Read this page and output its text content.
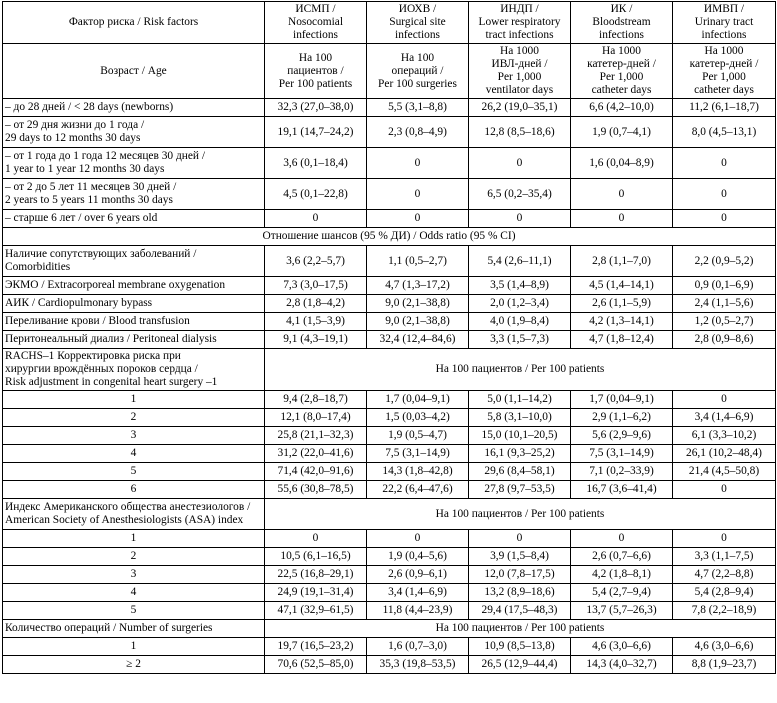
Фактор риска / Risk factors	ИСМП /
Nosocomial
infections	ИОХВ /
Surgical site
infections	ИНДП /
Lower respiratory
tract infections	ИК /
Bloodstream
infections	ИМВП /
Urinary tract
infections
Возраст / Age	На 100
пациентов /
Per 100 patients	На 100
операций /
Per 100 surgeries	На 1000
ИВЛ-дней /
Per 1,000
ventilator days	На 1000
катетер-дней /
Per 1,000
catheter days	На 1000
катетер-дней /
Per 1,000
catheter days
– до 28 дней / < 28 days (newborns)	32,3 (27,0–38,0)	5,5 (3,1–8,8)	26,2 (19,0–35,1)	6,6 (4,2–10,0)	11,2 (6,1–18,7)
– от 29 дня жизни до 1 года /
29 days to 12 months 30 days	19,1 (14,7–24,2)	2,3 (0,8–4,9)	12,8 (8,5–18,6)	1,9 (0,7–4,1)	8,0 (4,5–13,1)
– от 1 года до 1 года 12 месяцев 30 дней /
1 year to 1 year 12 months 30 days	3,6 (0,1–18,4)	0	0	1,6 (0,04–8,9)	0
– от 2 до 5 лет 11 месяцев 30 дней /
2 years to 5 years 11 months 30 days	4,5 (0,1–22,8)	0	6,5 (0,2–35,4)	0	0
– старше 6 лет / over 6 years old	0	0	0	0	0
Отношение шансов (95 % ДИ) / Odds ratio (95 % CI)					
Наличие сопутствующих заболеваний /
Comorbidities	3,6 (2,2–5,7)	1,1 (0,5–2,7)	5,4 (2,6–11,1)	2,8 (1,1–7,0)	2,2 (0,9–5,2)
ЭКМО / Extracorporeal membrane oxygenation	7,3 (3,0–17,5)	4,7 (1,3–17,2)	3,5 (1,4–8,9)	4,5 (1,4–14,1)	0,9 (0,1–6,9)
АИК / Cardiopulmonary bypass	2,8 (1,8–4,2)	9,0 (2,1–38,8)	2,0 (1,2–3,4)	2,6 (1,1–5,9)	2,4 (1,1–5,6)
Переливание крови / Blood transfusion	4,1 (1,5–3,9)	9,0 (2,1–38,8)	4,0 (1,9–8,4)	4,2 (1,3–14,1)	1,2 (0,5–2,7)
Перитонеальный диализ / Peritoneal dialysis	9,1 (4,3–19,1)	32,4 (12,4–84,6)	3,3 (1,5–7,3)	4,7 (1,8–12,4)	2,8 (0,9–8,6)
RACHS–1 Корректировка риска при
хирургии врождённых пороков сердца /
Risk adjustment in congenital heart surgery –1	На 100 пациентов / Per 100 patients				
1	9,4 (2,8–18,7)	1,7 (0,04–9,1)	5,0 (1,1–14,2)	1,7 (0,04–9,1)	0
2	12,1 (8,0–17,4)	1,5 (0,03–4,2)	5,8 (3,1–10,0)	2,9 (1,1–6,2)	3,4 (1,4–6,9)
3	25,8 (21,1–32,3)	1,9 (0,5–4,7)	15,0 (10,1–20,5)	5,6 (2,9–9,6)	6,1 (3,3–10,2)
4	31,2 (22,0–41,6)	7,5 (3,1–14,9)	16,1 (9,3–25,2)	7,5 (3,1–14,9)	26,1 (10,2–48,4)
5	71,4 (42,0–91,6)	14,3 (1,8–42,8)	29,6 (8,4–58,1)	7,1 (0,2–33,9)	21,4 (4,5–50,8)
6	55,6 (30,8–78,5)	22,2 (6,4–47,6)	27,8 (9,7–53,5)	16,7 (3,6–41,4)	0
Индекс Американского общества анестезиологов /
American Society of Anesthesiologists (ASA) index	На 100 пациентов / Per 100 patients				
1	0	0	0	0	0
2	10,5 (6,1–16,5)	1,9 (0,4–5,6)	3,9 (1,5–8,4)	2,6 (0,7–6,6)	3,3 (1,1–7,5)
3	22,5 (16,8–29,1)	2,6 (0,9–6,1)	12,0 (7,8–17,5)	4,2 (1,8–8,1)	4,7 (2,2–8,8)
4	24,9 (19,1–31,4)	3,4 (1,4–6,9)	13,2 (8,9–18,6)	5,4 (2,7–9,4)	5,4 (2,8–9,4)
5	47,1 (32,9–61,5)	11,8 (4,4–23,9)	29,4 (17,5–48,3)	13,7 (5,7–26,3)	7,8 (2,2–18,9)
Количество операций / Number of surgeries	На 100 пациентов / Per 100 patients				
1	19,7 (16,5–23,2)	1,6 (0,7–3,0)	10,9 (8,5–13,8)	4,6 (3,0–6,6)	4,6 (3,0–6,6)
≥ 2	70,6 (52,5–85,0)	35,3 (19,8–53,5)	26,5 (12,9–44,4)	14,3 (4,0–32,7)	8,8 (1,9–23,7)
